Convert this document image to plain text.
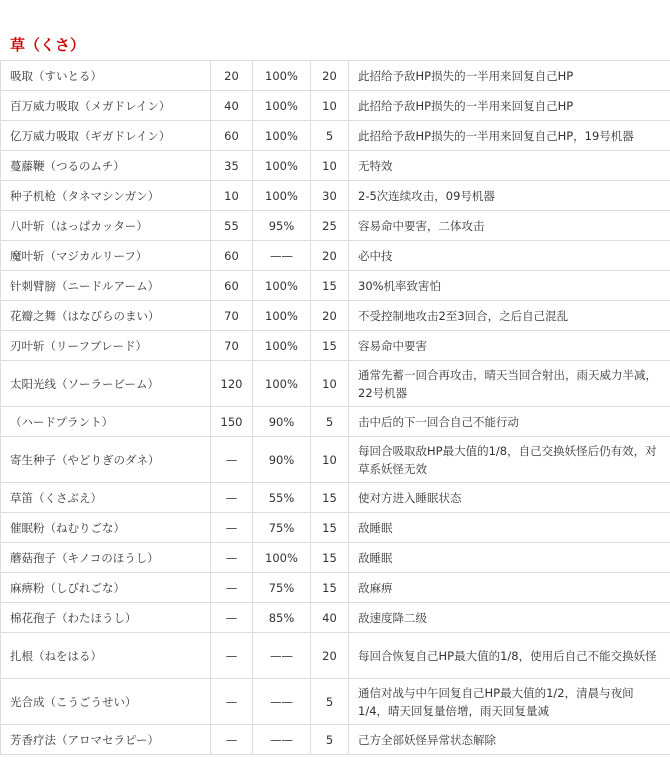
草（くさ）
吸取（すいとる）	20	100%	20	此招给予敌HP损失的一半用来回复自己HP
百万威力吸取（メガドレイン）	40	100%	10	此招给予敌HP损失的一半用来回复自己HP
亿万威力吸取（ギガドレイン）	60	100%	5	此招给予敌HP损失的一半用来回复自己HP，19号机器
蔓藤鞭（つるのムチ）	35	100%	10	无特效
种子机枪（タネマシンガン）	10	100%	30	2-5次连续攻击，09号机器
八叶斩（はっぱカッター）	55	95%	25	容易命中要害，二体攻击
魔叶斩（マジカルリーフ）	60	——	20	必中技
针刺臂膀（ニードルアーム）	60	100%	15	30%机率致害怕
花瓣之舞（はなびらのまい）	70	100%	20	不受控制地攻击2至3回合，之后自己混乱
刃叶斩（リーフブレード）	70	100%	15	容易命中要害
太阳光线（ソーラービーム）	120	100%	10	通常先蓄一回合再攻击，晴天当回合射出，雨天威力半减，22号机器
（ハードプラント）	150	90%	5	击中后的下一回合自己不能行动
寄生种子（やどりぎのダネ）	—	90%	10	每回合吸取敌HP最大值的1/8，自己交换妖怪后仍有效，对草系妖怪无效
草笛（くさぶえ）	—	55%	15	使对方进入睡眠状态
催眠粉（ねむりごな）	—	75%	15	敌睡眠
蘑菇孢子（キノコのほうし）	—	100%	15	敌睡眠
麻痹粉（しびれごな）	—	75%	15	敌麻痹
棉花孢子（わたほうし）	—	85%	40	敌速度降二级
扎根（ねをはる）	—	——	20	每回合恢复自己HP最大值的1/8，使用后自己不能交换妖怪
光合成（こうごうせい）	—	——	5	通信对战与中午回复自己HP最大值的1/2，清晨与夜间1/4，晴天回复量倍增，雨天回复量减
芳香疗法（アロマセラピー）	—	——	5	己方全部妖怪异常状态解除
